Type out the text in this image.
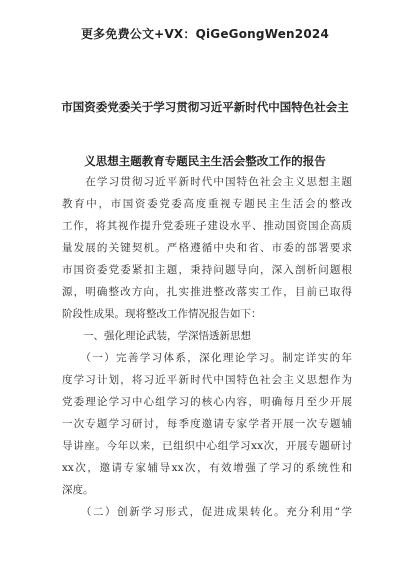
更多免费公文+VX：QiGeGongWen2024
市国资委党委关于学习贯彻习近平新时代中国特色社会主
义思想主题教育专题民主生活会整改工作的报告
　　在学习贯彻习近平新时代中国特色社会主义思想主题
教育中，市国资委党委高度重视专题民主生活会的整改
工作，将其视作提升党委班子建设水平、推动国资国企高质
量发展的关键契机。严格遵循中央和省、市委的部署要求
市国资委党委紧扣主题，秉持问题导向，深入剖析问题根
源，明确整改方向，扎实推进整改落实工作，目前已取得
阶段性成果。现将整改工作情况报告如下：
　　一、强化理论武装，学深悟透新思想
　　（一）完善学习体系，深化理论学习。制定详实的年
度学习计划，将习近平新时代中国特色社会主义思想作为
党委理论学习中心组学习的核心内容，明确每月至少开展
一次专题学习研讨，每季度邀请专家学者开展一次专题辅
导讲座。今年以来，已组织中心组学习xx次，开展专题研讨
xx次，邀请专家辅导xx次，有效增强了学习的系统性和
深度。
　　（二）创新学习形式，促进成果转化。充分利用“学
